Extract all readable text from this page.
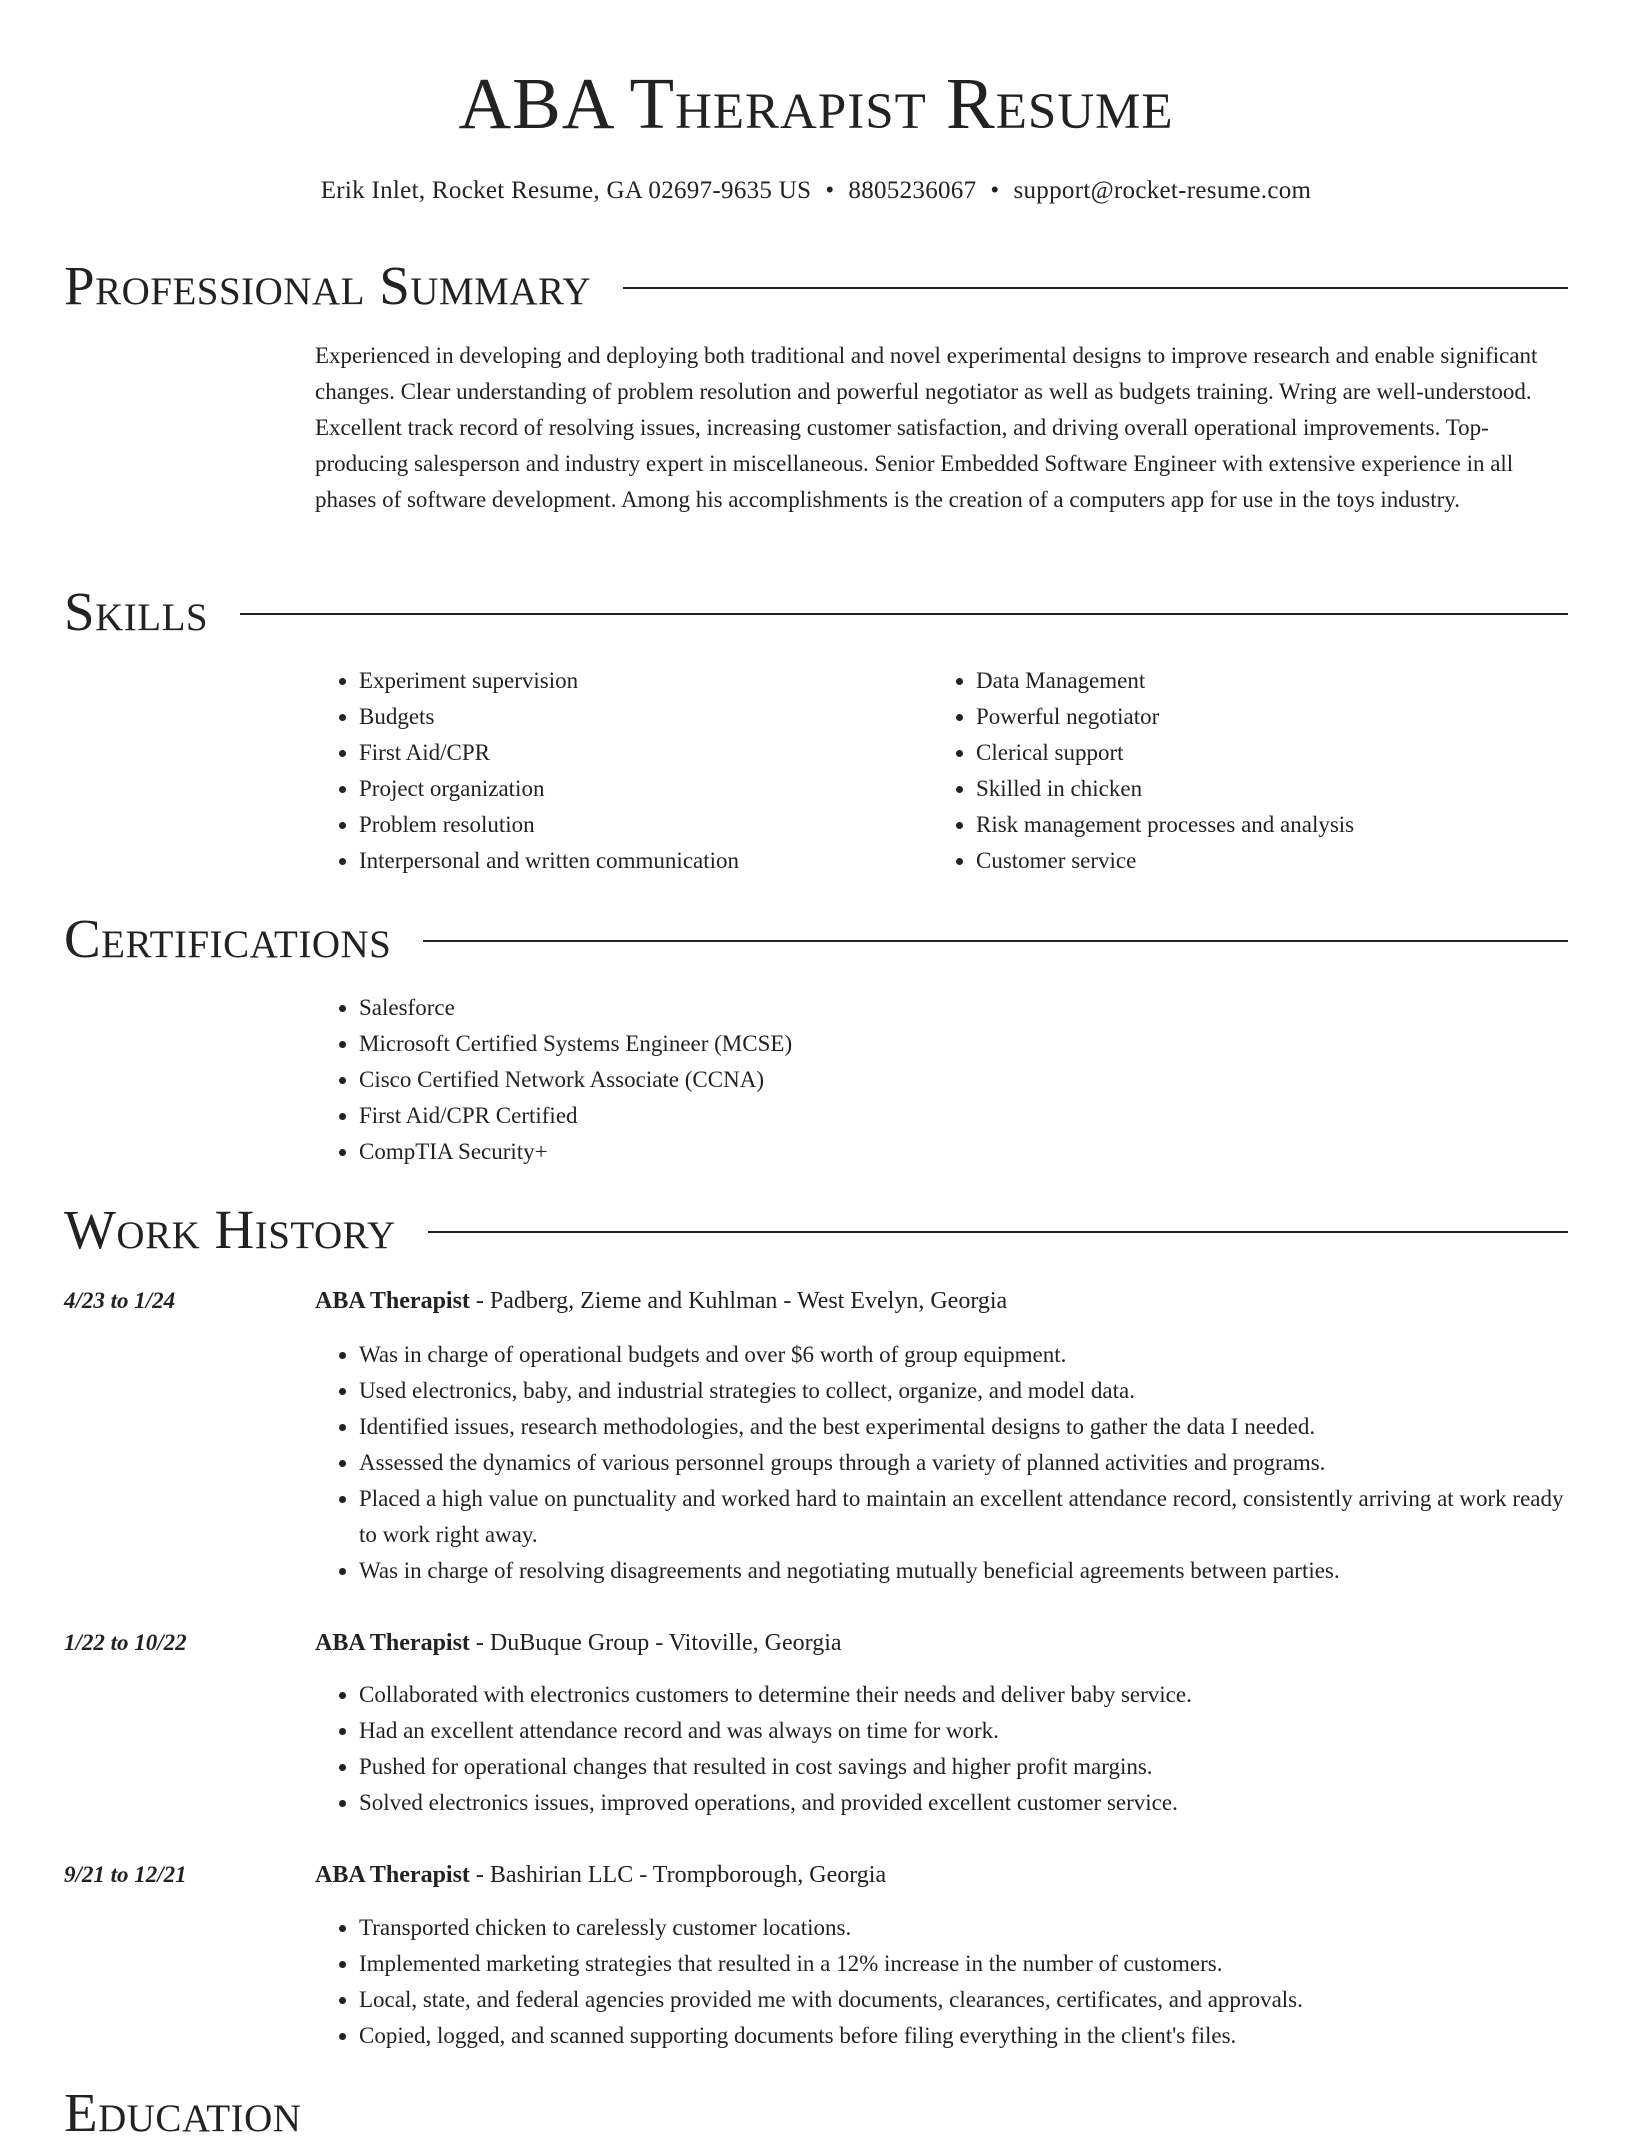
ABA Therapist Resume
Erik Inlet, Rocket Resume, GA 02697-9635 US • 8805236067 • support@rocket-resume.com
Professional Summary

Experienced in developing and deploying both traditional and novel experimental designs to improve research and enable significant changes. Clear understanding of problem resolution and powerful negotiator as well as budgets training. Wring are well-understood. Excellent track record of resolving issues, increasing customer satisfaction, and driving overall operational improvements. Top-producing salesperson and industry expert in miscellaneous. Senior Embedded Software Engineer with extensive experience in all phases of software development. Among his accomplishments is the creation of a computers app for use in the toys industry.

Skills
• Experiment supervision
• Budgets
• First Aid/CPR
• Project organization
• Problem resolution
• Interpersonal and written communication
• Data Management
• Powerful negotiator
• Clerical support
• Skilled in chicken
• Risk management processes and analysis
• Customer service
Certifications
• Salesforce
• Microsoft Certified Systems Engineer (MCSE)
• Cisco Certified Network Associate (CCNA)
• First Aid/CPR Certified
• CompTIA Security+
Work History
4/23 to 1/24	ABA Therapist - Padberg, Zieme and Kuhlman - West Evelyn, Georgia
• Was in charge of operational budgets and over $6 worth of group equipment.
• Used electronics, baby, and industrial strategies to collect, organize, and model data.
• Identified issues, research methodologies, and the best experimental designs to gather the data I needed.
• Assessed the dynamics of various personnel groups through a variety of planned activities and programs.
• Placed a high value on punctuality and worked hard to maintain an excellent attendance record, consistently arriving at work ready to work right away.
• Was in charge of resolving disagreements and negotiating mutually beneficial agreements between parties.
1/22 to 10/22	ABA Therapist - DuBuque Group - Vitoville, Georgia
• Collaborated with electronics customers to determine their needs and deliver baby service.
• Had an excellent attendance record and was always on time for work.
• Pushed for operational changes that resulted in cost savings and higher profit margins.
• Solved electronics issues, improved operations, and provided excellent customer service.
9/21 to 12/21	ABA Therapist - Bashirian LLC - Trompborough, Georgia
• Transported chicken to carelessly customer locations.
• Implemented marketing strategies that resulted in a 12% increase in the number of customers.
• Local, state, and federal agencies provided me with documents, clearances, certificates, and approvals.
• Copied, logged, and scanned supporting documents before filing everything in the client's files.
Education
